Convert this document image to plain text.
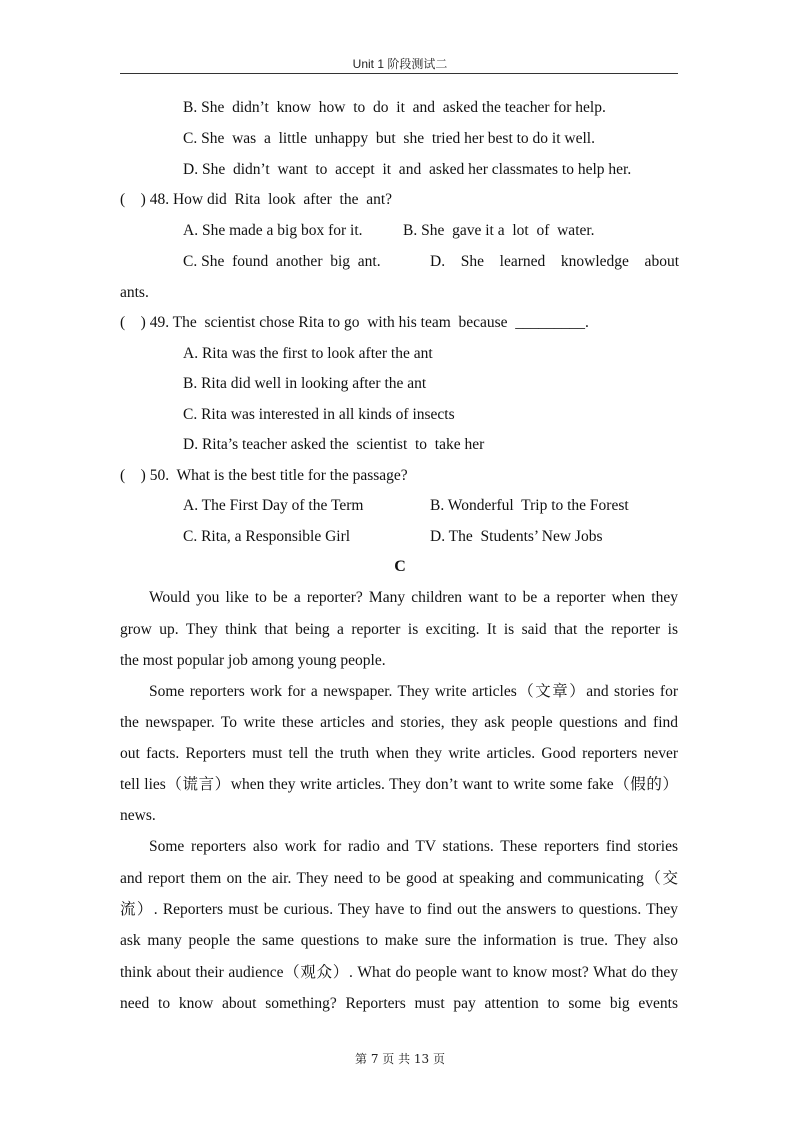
Unit 1 阶段测试二
B. She  didn’t  know  how  to  do  it  and  asked the teacher for help.
C. She  was  a  little  unhappy  but  she  tried her best to do it well.
D. She  didn’t  want  to  accept  it  and  asked her classmates to help her.
(    ) 48. How did  Rita  look  after  the  ant?
A. She made a big box for it.	B. She  gave it a  lot  of  water.
C. She  found  another  big  ant.	D. She learned knowledge about
ants.
(    ) 49. The  scientist chose Rita to go  with his team  because  _________.
A. Rita was the first to look after the ant
B. Rita did well in looking after the ant
C. Rita was interested in all kinds of insects
D. Rita’s teacher asked the  scientist  to  take her
(    ) 50.  What is the best title for the passage?
A. The First Day of the Term	B. Wonderful  Trip to the Forest
C. Rita, a Responsible Girl	D. The  Students’ New Jobs
C
Would you like to be a reporter? Many children want to be a reporter when they
grow up. They think that being a reporter is exciting. It is said that the reporter is
the most popular job among young people.
Some reporters work for a newspaper. They write articles（文章）and stories for
the newspaper. To write these articles and stories, they ask people questions and find
out facts. Reporters must tell the truth when they write articles. Good reporters never
tell lies（谎言）when they write articles. They don’t want to write some fake（假的）
news.
Some reporters also work for radio and TV stations. These reporters find stories
and report them on the air. They need to be good at speaking and communicating（交
流）. Reporters must be curious. They have to find out the answers to questions. They
ask many people the same questions to make sure the information is true. They also
think about their audience（观众）. What do people want to know most? What do they
need to know about something? Reporters must pay attention to some big events
第 7 页 共 13 页
